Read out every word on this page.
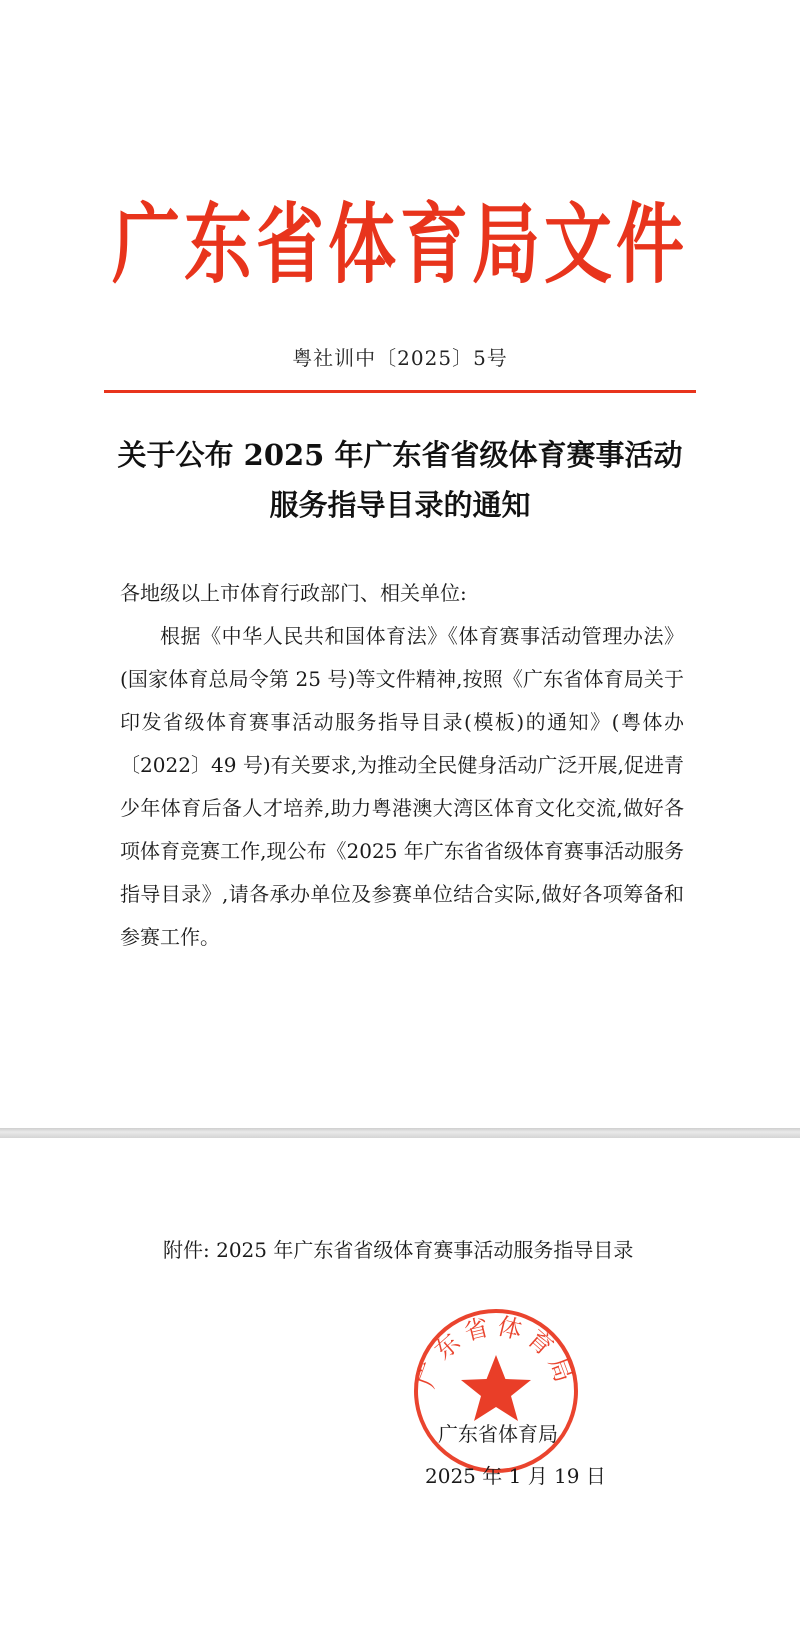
广东省体育局文件
粤社训中〔2025〕5号
关于公布 2025 年广东省省级体育赛事活动
服务指导目录的通知

各地级以上市体育行政部门、相关单位:

根据《中华人民共和国体育法》《体育赛事活动管理办法》(国家体育总局令第 25 号)等文件精神,按照《广东省体育局关于印发省级体育赛事活动服务指导目录(模板)的通知》(粤体办〔2022〕49 号)有关要求,为推动全民健身活动广泛开展,促进青少年体育后备人才培养,助力粤港澳大湾区体育文化交流,做好各项体育竞赛工作,现公布《2025 年广东省省级体育赛事活动服务指导目录》,请各承办单位及参赛单位结合实际,做好各项筹备和参赛工作。

附件: 2025 年广东省省级体育赛事活动服务指导目录
广东省体育局
广东省体育局
2025 年 1 月 19 日
